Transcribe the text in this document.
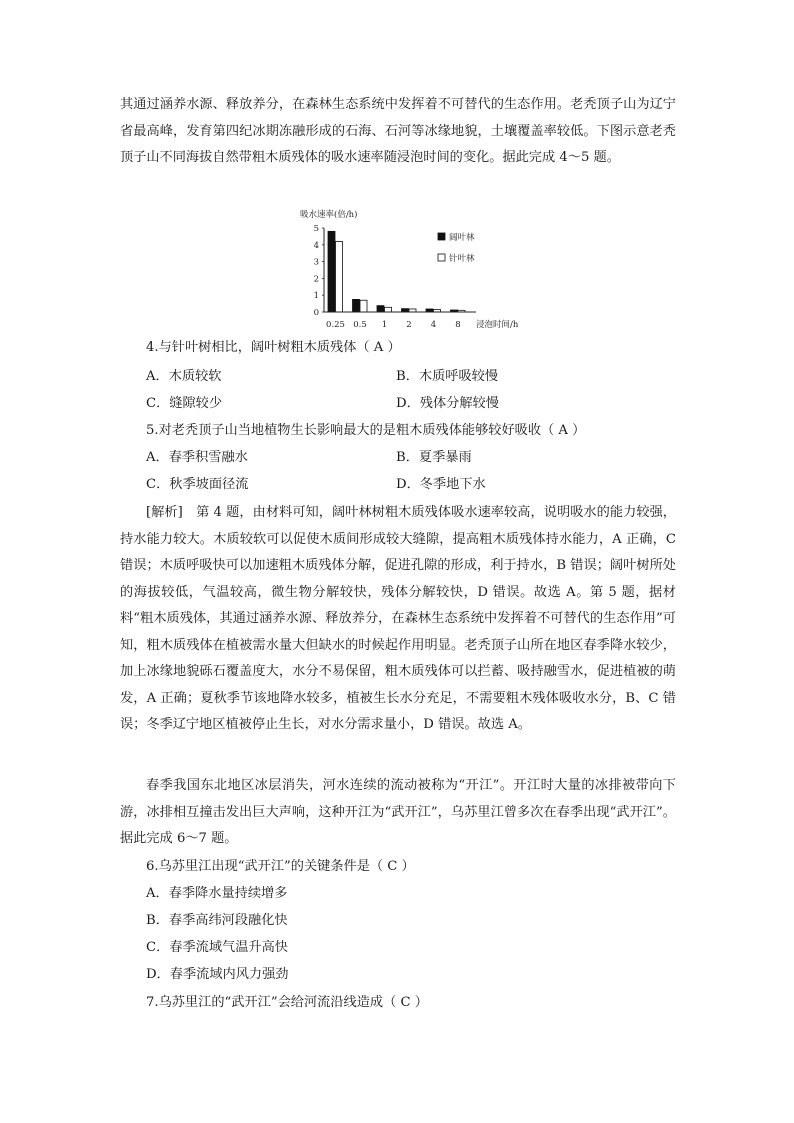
其通过涵养水源、释放养分，在森林生态系统中发挥着不可替代的生态作用。老秃顶子山为辽宁省最高峰，发育第四纪冰期冻融形成的石海、石河等冰缘地貌，土壤覆盖率较低。下图示意老秃顶子山不同海拔自然带粗木质残体的吸水速率随浸泡时间的变化。据此完成 4～5 题。

吸水速率(倍/h)
0
1
2
3
4
5
0.25 0.5 1 2 4 8 浸泡时间/h
阔叶林
针叶林

4.与针叶树相比，阔叶树粗木质残体（ A ）

A．木质较软	B．木质呼吸较慢

C．缝隙较少	D．残体分解较慢

5.对老秃顶子山当地植物生长影响最大的是粗木质残体能够较好吸收（ A ）

A．春季积雪融水	B．夏季暴雨

C．秋季坡面径流	D．冬季地下水

[解析]　第 4 题，由材料可知，阔叶林树粗木质残体吸水速率较高，说明吸水的能力较强，持水能力较大。木质较软可以促使木质间形成较大缝隙，提高粗木质残体持水能力，A 正确，C 错误；木质呼吸快可以加速粗木质残体分解，促进孔隙的形成，利于持水，B 错误；阔叶树所处的海拔较低，气温较高，微生物分解较快，残体分解较快，D 错误。故选 A。第 5 题，据材料“粗木质残体，其通过涵养水源、释放养分，在森林生态系统中发挥着不可替代的生态作用”可知，粗木质残体在植被需水量大但缺水的时候起作用明显。老秃顶子山所在地区春季降水较少，加上冰缘地貌砾石覆盖度大，水分不易保留，粗木质残体可以拦蓄、吸持融雪水，促进植被的萌发，A 正确；夏秋季节该地降水较多，植被生长水分充足，不需要粗木残体吸收水分，B、C 错误；冬季辽宁地区植被停止生长，对水分需求量小，D 错误。故选 A。

春季我国东北地区冰层消失，河水连续的流动被称为“开江”。开江时大量的冰排被带向下游，冰排相互撞击发出巨大声响，这种开江为“武开江”，乌苏里江曾多次在春季出现“武开江”。据此完成 6～7 题。

6.乌苏里江出现“武开江”的关键条件是（ C ）

A．春季降水量持续增多

B．春季高纬河段融化快

C．春季流域气温升高快

D．春季流域内风力强劲

7.乌苏里江的“武开江”会给河流沿线造成（ C ）
